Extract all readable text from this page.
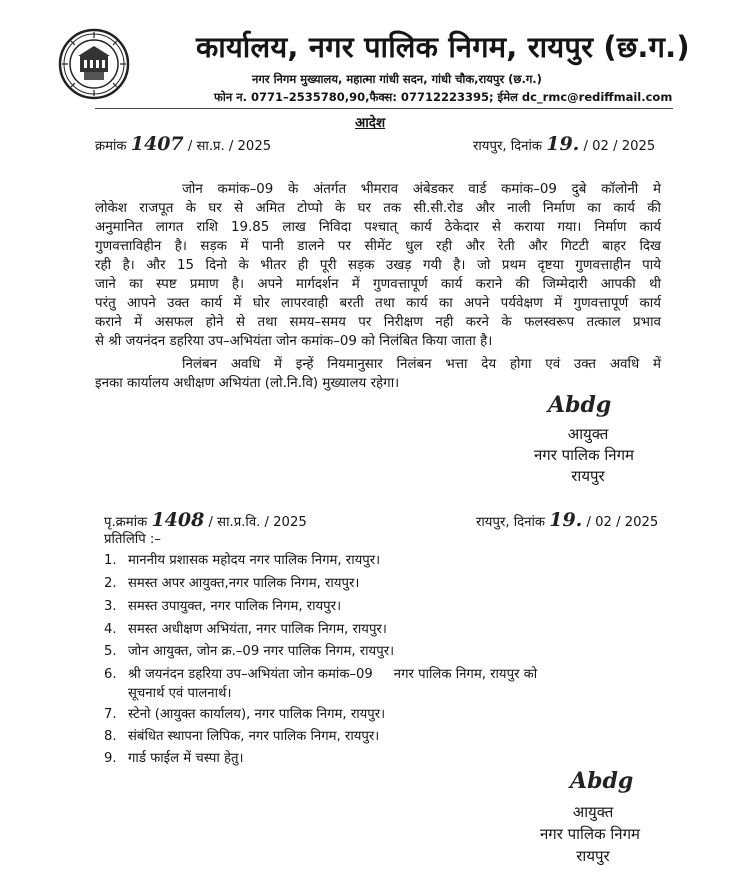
कार्यालय, नगर पालिक निगम, रायपुर (छ.ग.)
नगर निगम मुख्यालय, महात्मा गांधी सदन, गांधी चौक,रायपुर (छ.ग.)
फोन न. 0771–2535780,90,फैक्स: 07712223395; ईमेल dc_rmc@rediffmail.com
आदेश
क्रमांक 1407 / सा.प्र. / 2025	रायपुर, दिनांक 19. / 02 / 2025
जोन कमांक–09 के अंतर्गत भीमराव अंबेडकर वार्ड कमांक–09 दुबे कॉलोनी मे
लोकेश राजपूत के घर से अमित टोप्पो के घर तक सी.सी.रोड और नाली निर्माण का कार्य की
अनुमानित लागत राशि 19.85 लाख निविदा पश्चात् कार्य ठेकेदार से कराया गया। निर्माण कार्य
गुणवत्ताविहीन है। सड़क में पानी डालने पर सीमेंट धुल रही और रेती और गिटटी बाहर दिख
रही है। और 15 दिनो के भीतर ही पूरी सड़क उखड़ गयी है। जो प्रथम दृष्टया गुणवत्ताहीन पाये
जाने का स्पष्ट प्रमाण है। अपने मार्गदर्शन में गुणवत्तापूर्ण कार्य कराने की जिम्मेदारी आपकी थी
परंतु आपने उक्त कार्य में घोर लापरवाही बरती तथा कार्य का अपने पर्यवेक्षण में गुणवत्तापूर्ण कार्य
कराने में असफल होने से तथा समय–समय पर निरीक्षण नही करने के फलस्वरूप तत्काल प्रभाव
से श्री जयनंदन डहरिया उप–अभियंता जोन कमांक–09 को निलंबित किया जाता है।
निलंबन अवधि में इन्हें नियमानुसार निलंबन भत्ता देय होगा एवं उक्त अवधि में
इनका कार्यालय अधीक्षण अभियंता (लो.नि.वि) मुख्यालय रहेगा।
Abdg
आयुक्त
नगर पालिक निगम
रायपुर
पृ.क्रमांक 1408 / सा.प्र.वि. / 2025	रायपुर, दिनांक 19. / 02 / 2025
प्रतिलिपि :–
1. माननीय प्रशासक महोदय नगर पालिक निगम, रायपुर।
2. समस्त अपर आयुक्त,नगर पालिक निगम, रायपुर।
3. समस्त उपायुक्त, नगर पालिक निगम, रायपुर।
4. समस्त अधीक्षण अभियंता, नगर पालिक निगम, रायपुर।
5. जोन आयुक्त, जोन क्र.–09 नगर पालिक निगम, रायपुर।
6. श्री जयनंदन डहरिया उप–अभियंता जोन कमांक–09     नगर पालिक निगम, रायपुर को
सूचनार्थ एवं पालनार्थ।
7. स्टेनो (आयुक्त कार्यालय), नगर पालिक निगम, रायपुर।
8. संबंधित स्थापना लिपिक, नगर पालिक निगम, रायपुर।
9. गार्ड फाईल में चस्पा हेतु।
Abdg
आयुक्त
नगर पालिक निगम
रायपुर
